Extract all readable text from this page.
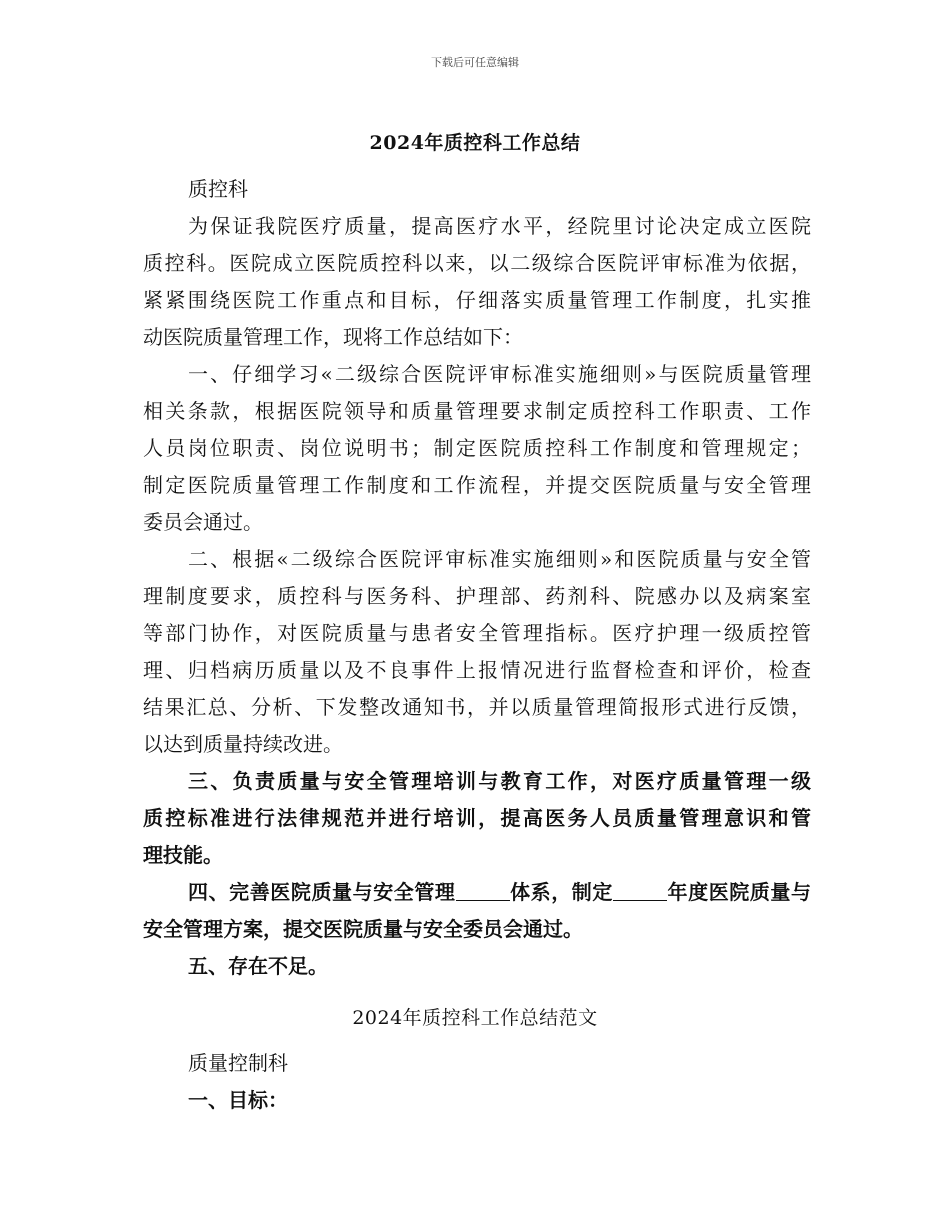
下载后可任意编辑
2024年质控科工作总结
质控科
为保证我院医疗质量，提高医疗水平，经院里讨论决定成立医院
质控科。医院成立医院质控科以来，以二级综合医院评审标准为依据，
紧紧围绕医院工作重点和目标，仔细落实质量管理工作制度，扎实推
动医院质量管理工作，现将工作总结如下：
一、仔细学习«二级综合医院评审标准实施细则»与医院质量管理
相关条款，根据医院领导和质量管理要求制定质控科工作职责、工作
人员岗位职责、岗位说明书；制定医院质控科工作制度和管理规定；
制定医院质量管理工作制度和工作流程，并提交医院质量与安全管理
委员会通过。
二、根据«二级综合医院评审标准实施细则»和医院质量与安全管
理制度要求，质控科与医务科、护理部、药剂科、院感办以及病案室
等部门协作，对医院质量与患者安全管理指标。医疗护理一级质控管
理、归档病历质量以及不良事件上报情况进行监督检查和评价，检查
结果汇总、分析、下发整改通知书，并以质量管理简报形式进行反馈，
以达到质量持续改进。
三、负责质量与安全管理培训与教育工作，对医疗质量管理一级
质控标准进行法律规范并进行培训，提高医务人员质量管理意识和管
理技能。
四、完善医院质量与安全管理	体系，制定	年度医院质量与
安全管理方案，提交医院质量与安全委员会通过。
五、存在不足。
2024年质控科工作总结范文
质量控制科
一、目标：
